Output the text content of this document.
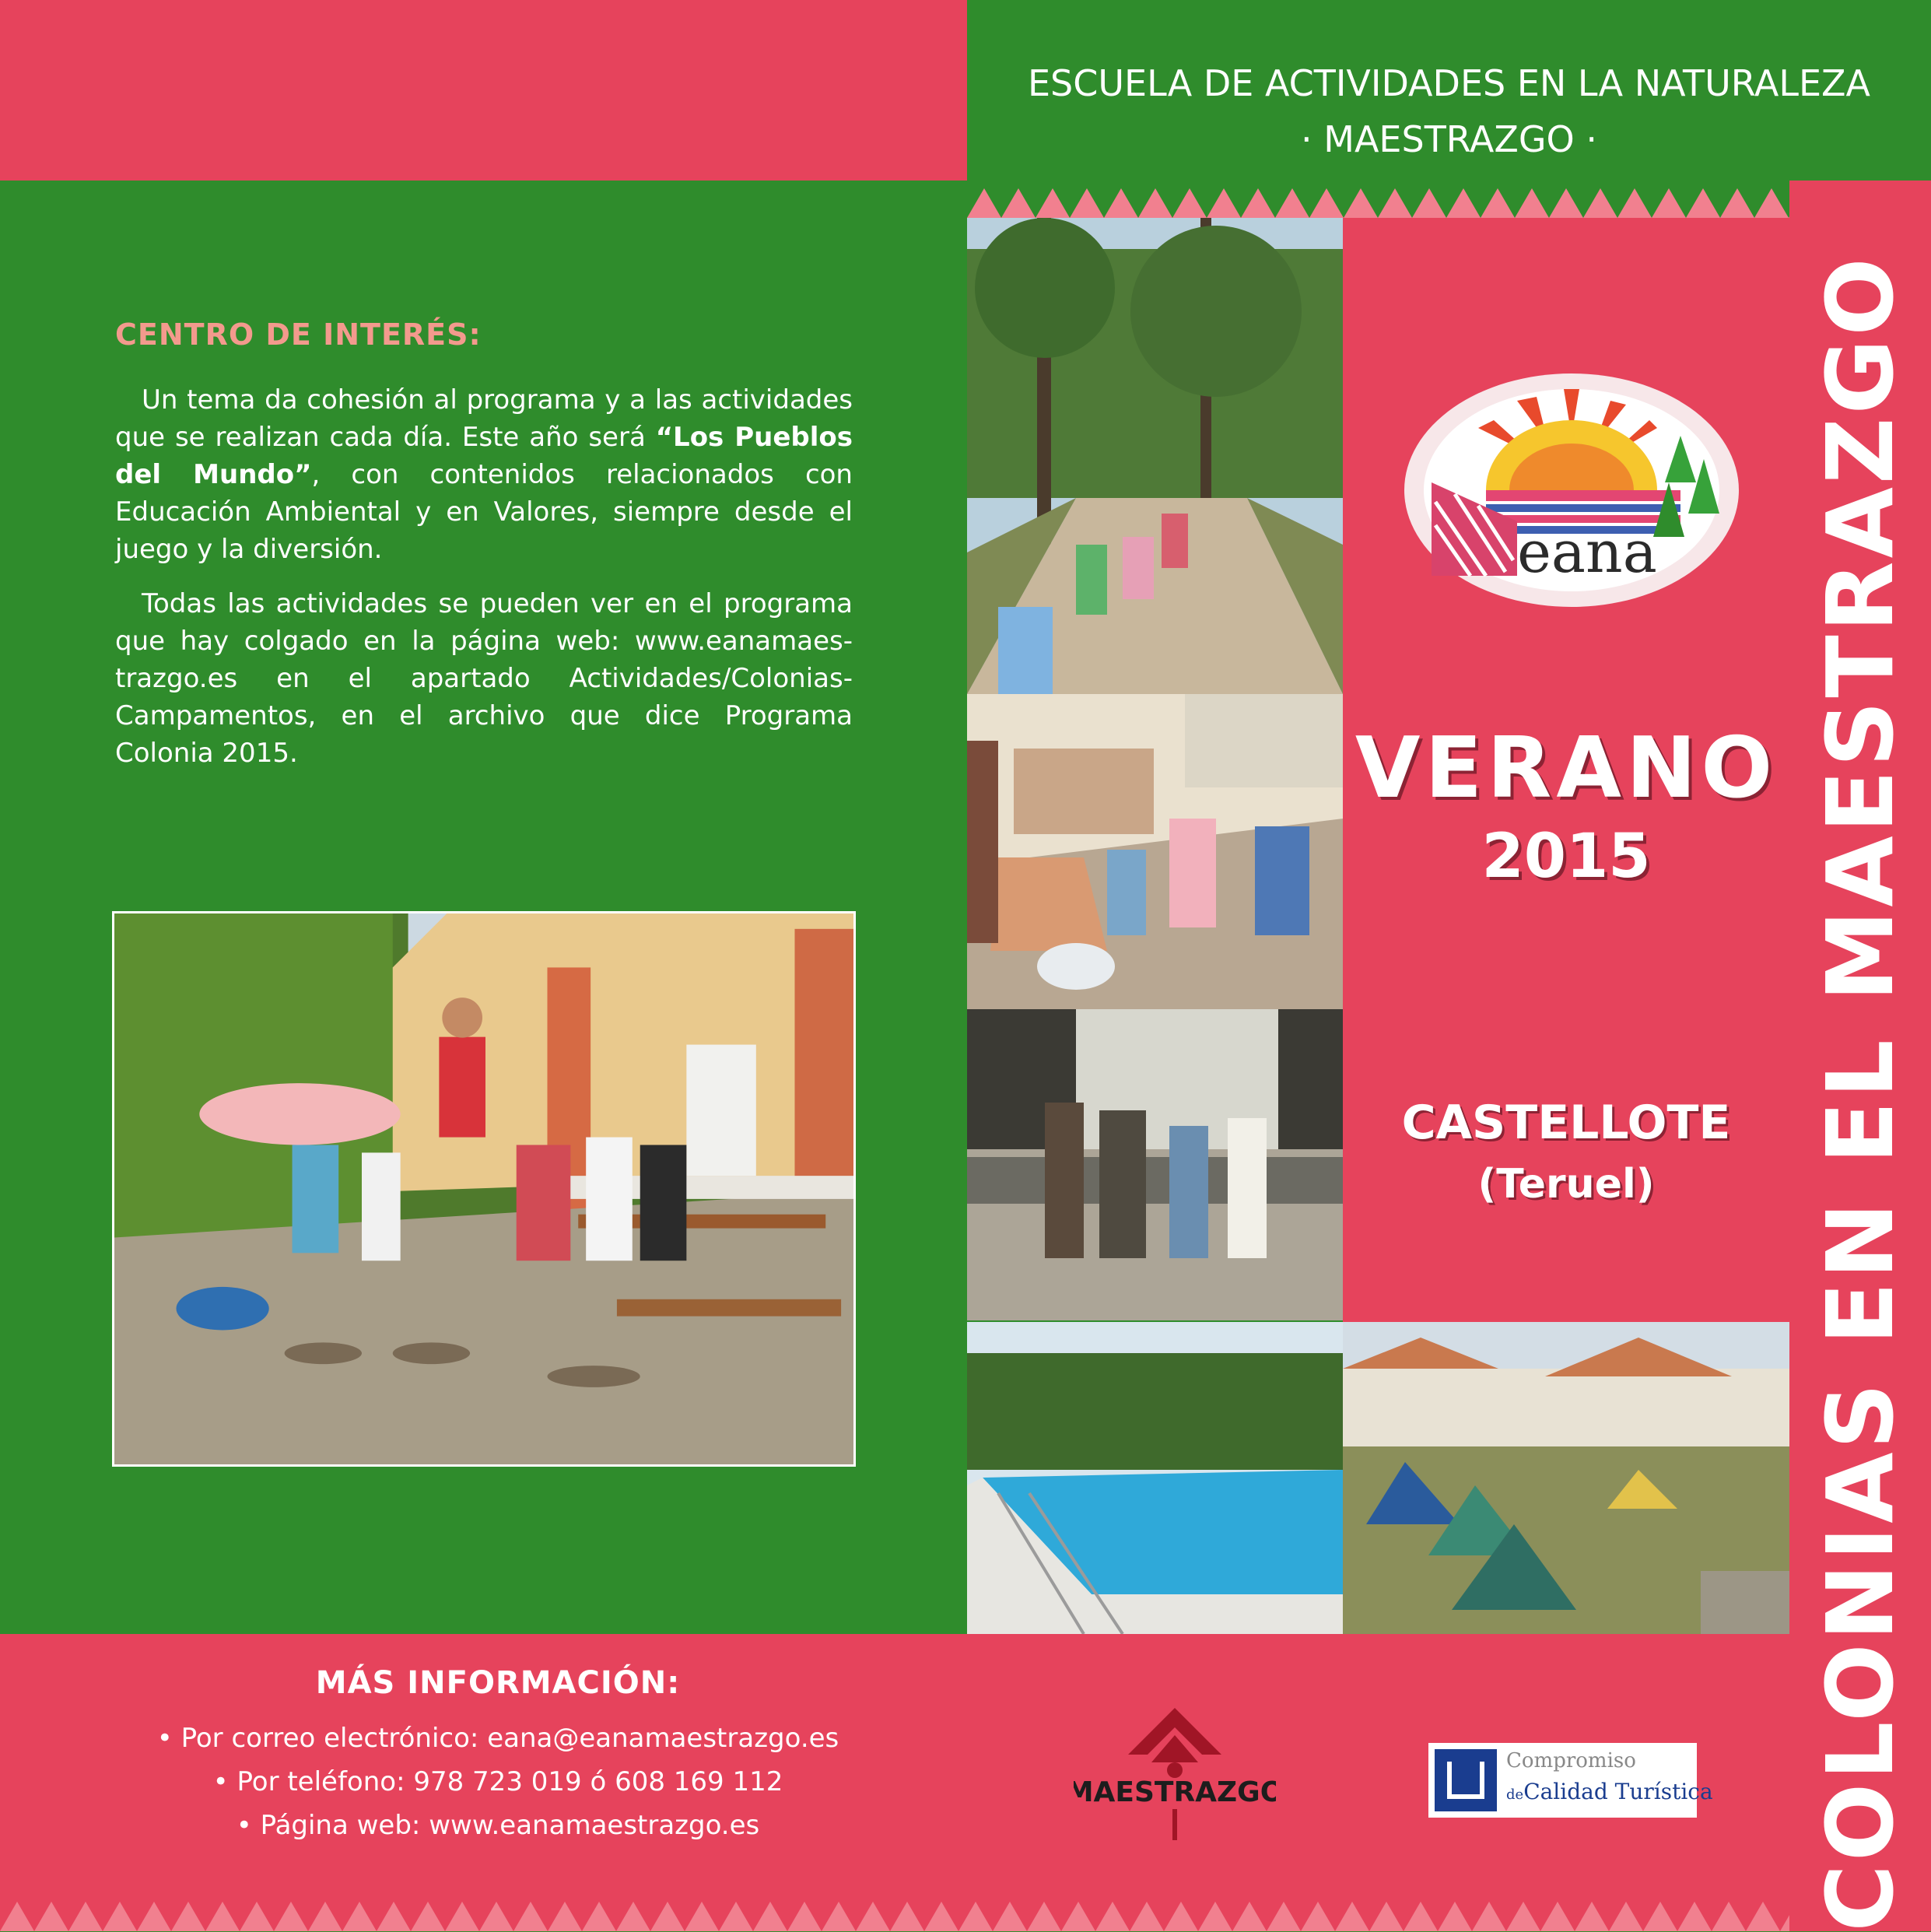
ESCUELA DE ACTIVIDADES EN LA NATURALEZA
· MAESTRAZGO ·
CENTRO DE INTERÉS:

Un tema da cohesión al programa y a las actividades que se realizan cada día. Este año será “Los Pueblos del Mundo”, con contenidos relacionados con Educación Ambiental y en Valores, siempre desde el juego y la diversión.

Todas las actividades se pueden ver en el programa que hay colgado en la página web: www.eanamaes-trazgo.es en el apartado Actividades/Colonias-Campamentos, en el archivo que dice Programa Colonia 2015.

eana
VERANO
2015
CASTELLOTE
(Teruel)	COLONIAS EN EL MAESTRAZGO
MÁS INFORMACIÓN:
• Por correo electrónico: eana@eanamaestrazgo.es
• Por teléfono: 978 723 019 ó 608 169 112
• Página web: www.eanamaestrazgo.es
MAESTRAZGO
Compromiso
deCalidad Turística
